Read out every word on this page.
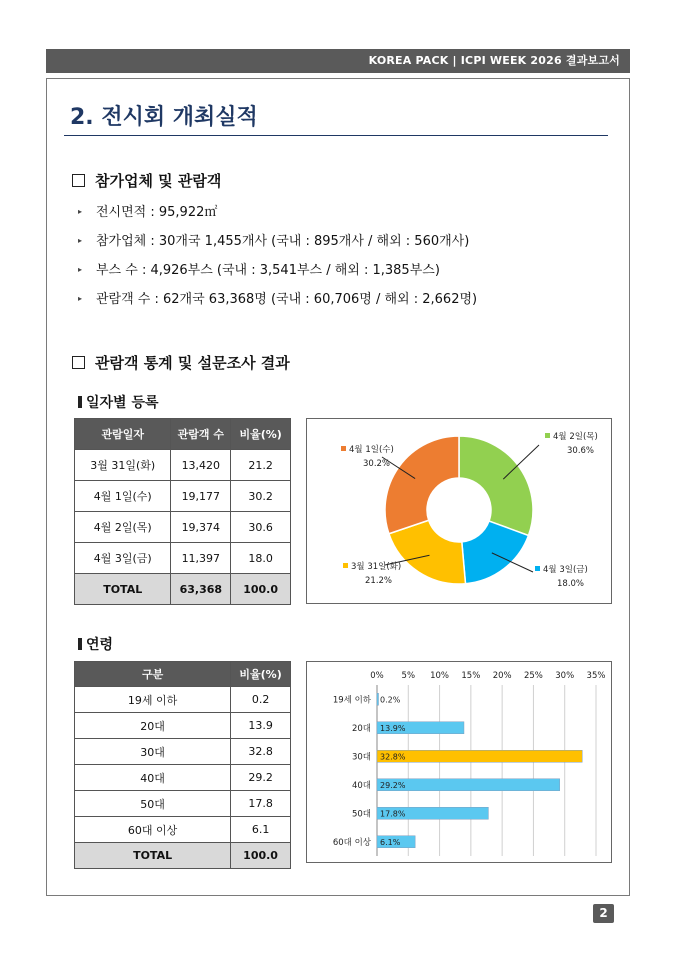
KOREA PACK | ICPI WEEK 2026 결과보고서
2. 전시회 개최실적
참가업체 및 관람객
▸ 전시면적 : 95,922㎡
▸ 참가업체 : 30개국 1,455개사 (국내 : 895개사 / 해외 : 560개사)
▸ 부스 수 : 4,926부스 (국내 : 3,541부스 / 해외 : 1,385부스)
▸ 관람객 수 : 62개국 63,368명 (국내 : 60,706명 / 해외 : 2,662명)
관람객 통계 및 설문조사 결과
일자별 등록
관람일자	관람객 수	비율(%)
3월 31일(화)	13,420	21.2
4월 1일(수)	19,177	30.2
4월 2일(목)	19,374	30.6
4월 3일(금)	11,397	18.0
TOTAL	63,368	100.0
4월 2일(목)
30.6%
4월 3일(금)
18.0%
3월 31일(화)
21.2%
4월 1일(수)
30.2%
연령
구분	비율(%)
19세 이하	0.2
20대	13.9
30대	32.8
40대	29.2
50대	17.8
60대 이상	6.1
TOTAL	100.0
0% 5% 10% 15% 20% 25% 30% 35%
19세 이하 0.2%
20대 13.9%
30대 32.8%
40대 29.2%
50대 17.8%
60대 이상 6.1%
2
